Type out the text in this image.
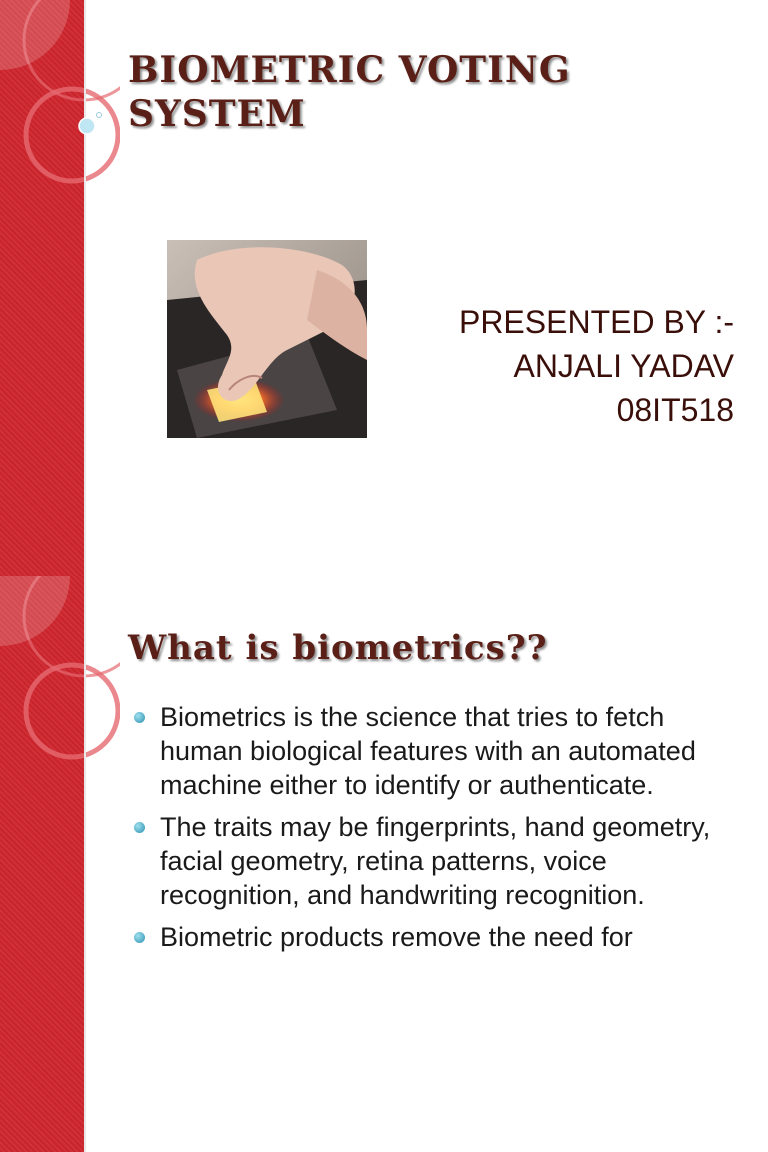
BIOMETRIC VOTING SYSTEM
PRESENTED BY :-
ANJALI YADAV
08IT518
What is biometrics??
Biometrics is the science that tries to fetch human biological features with an automated machine either to identify or authenticate.
The traits may be fingerprints, hand geometry, facial geometry, retina patterns, voice recognition, and handwriting recognition.
Biometric products remove the need for
